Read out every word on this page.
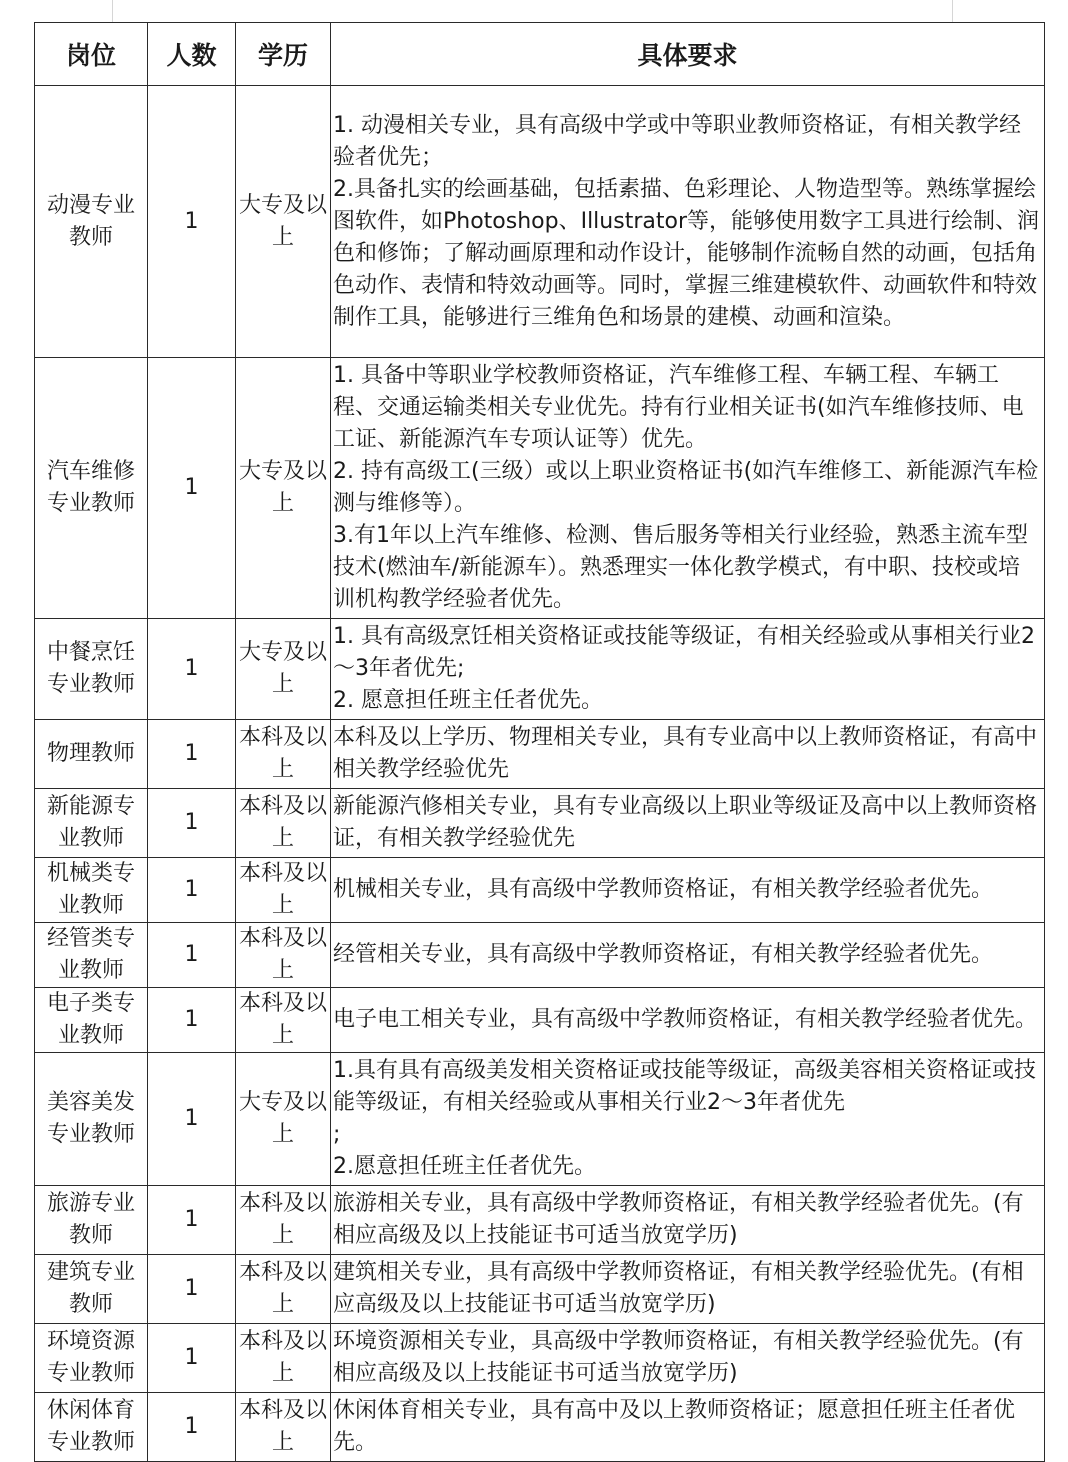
岗位	人数	学历	具体要求
动漫专业教师	1	大专及以上	1. 动漫相关专业，具有高级中学或中等职业教师资格证，有相关教学经验者优先；
2.具备扎实的绘画基础，包括素描、色彩理论、人物造型等。熟练掌握绘图软件，如Photoshop、Illustrator等，能够使用数字工具进行绘制、润色和修饰；了解动画原理和动作设计，能够制作流畅自然的动画，包括角色动作、表情和特效动画等。同时，掌握三维建模软件、动画软件和特效制作工具，能够进行三维角色和场景的建模、动画和渲染。

汽车维修专业教师	1	大专及以上	1. 具备中等职业学校教师资格证，汽车维修工程、车辆工程、车辆工程、交通运输类相关专业优先。持有行业相关证书(如汽车维修技师、电工证、新能源汽车专项认证等）优先。
2. 持有高级工(三级）或以上职业资格证书(如汽车维修工、新能源汽车检测与维修等）。
3.有1年以上汽车维修、检测、售后服务等相关行业经验，熟悉主流车型技术(燃油车/新能源车）。熟悉理实一体化教学模式，有中职、技校或培训机构教学经验者优先。

中餐烹饪专业教师	1	大专及以上	1. 具有高级烹饪相关资格证或技能等级证，有相关经验或从事相关行业2～3年者优先;
2. 愿意担任班主任者优先。

物理教师	1	本科及以上	本科及以上学历、物理相关专业，具有专业高中以上教师资格证，有高中相关教学经验优先

新能源专业教师	1	本科及以上	新能源汽修相关专业，具有专业高级以上职业等级证及高中以上教师资格证，有相关教学经验优先

机械类专业教师	1	本科及以上	机械相关专业，具有高级中学教师资格证，有相关教学经验者优先。

经管类专业教师	1	本科及以上	经管相关专业，具有高级中学教师资格证，有相关教学经验者优先。

电子类专业教师	1	本科及以上	电子电工相关专业，具有高级中学教师资格证，有相关教学经验者优先。

美容美发专业教师	1	大专及以上	1.具有具有高级美发相关资格证或技能等级证，高级美容相关资格证或技能等级证，有相关经验或从事相关行业2～3年者优先
;
2.愿意担任班主任者优先。

旅游专业教师	1	本科及以上	旅游相关专业，具有高级中学教师资格证，有相关教学经验者优先。(有相应高级及以上技能证书可适当放宽学历)

建筑专业教师	1	本科及以上	建筑相关专业，具有高级中学教师资格证，有相关教学经验优先。(有相应高级及以上技能证书可适当放宽学历)

环境资源专业教师	1	本科及以上	环境资源相关专业，具高级中学教师资格证，有相关教学经验优先。(有相应高级及以上技能证书可适当放宽学历)

休闲体育专业教师	1	本科及以上	休闲体育相关专业，具有高中及以上教师资格证；愿意担任班主任者优先。
